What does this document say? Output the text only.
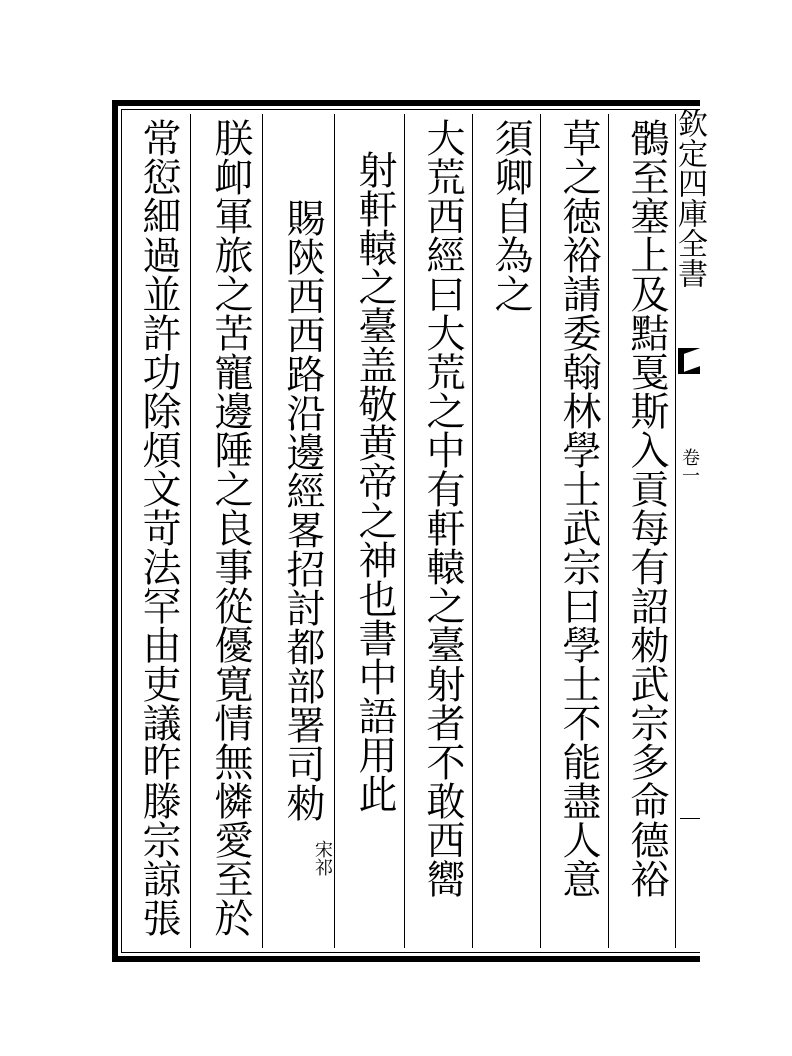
鶻至塞上及黠戛斯入貢每有詔勑武宗多命德裕
草之徳裕請委翰林學士武宗曰學士不能盡人意
須卿自為之
大荒西經曰大荒之中有軒轅之臺射者不敢西嚮
射軒轅之臺盖敬黄帝之神也書中語用此
賜陝西西路沿邊經畧招討都部署司勑
朕卹軍旅之苦寵邊陲之良事從優寛情無憐愛至於
常愆細過並許功除煩文苛法罕由吏議昨滕宗諒張	宋祁
欽定四庫全書
卷一
